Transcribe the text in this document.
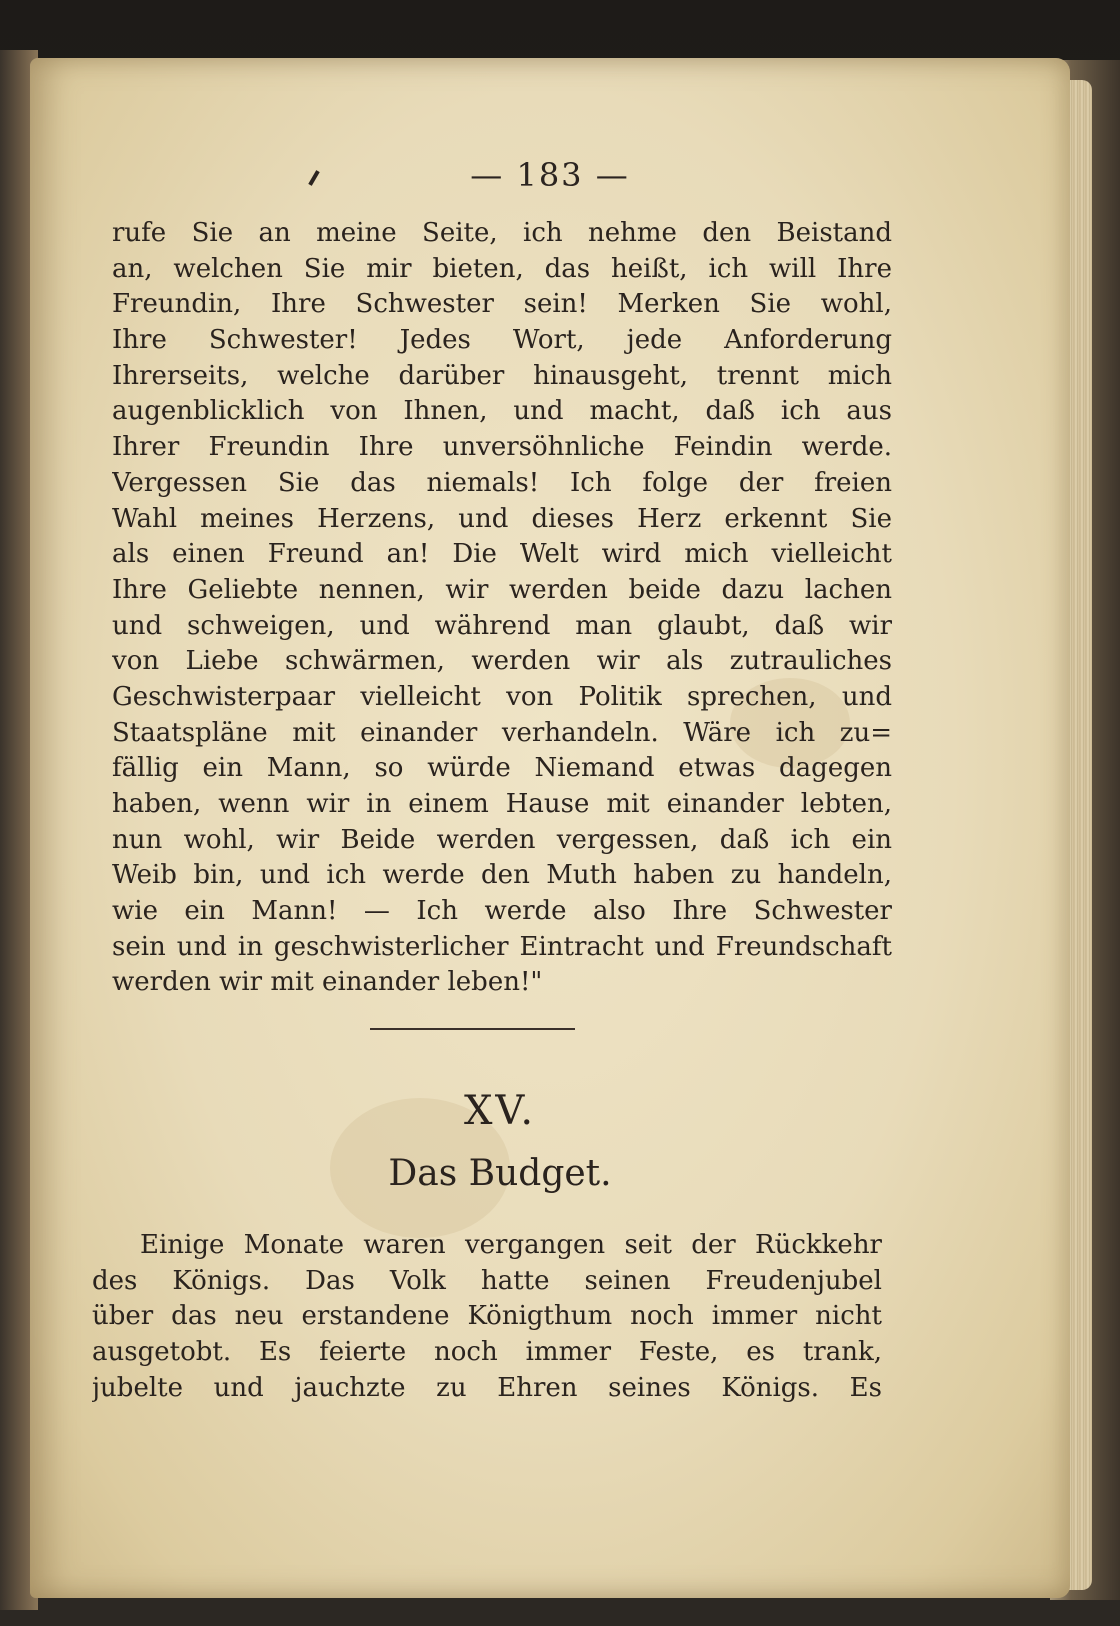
— 183 —
rufe Sie an meine Seite, ich nehme den Beistand
an, welchen Sie mir bieten, das heißt, ich will Ihre
Freundin, Ihre Schwester sein! Merken Sie wohl,
Ihre Schwester! Jedes Wort, jede Anforderung
Ihrerseits, welche darüber hinausgeht, trennt mich
augenblicklich von Ihnen, und macht, daß ich aus
Ihrer Freundin Ihre unversöhnliche Feindin werde.
Vergessen Sie das niemals! Ich folge der freien
Wahl meines Herzens, und dieses Herz erkennt Sie
als einen Freund an! Die Welt wird mich vielleicht
Ihre Geliebte nennen, wir werden beide dazu lachen
und schweigen, und während man glaubt, daß wir
von Liebe schwärmen, werden wir als zutrauliches
Geschwisterpaar vielleicht von Politik sprechen, und
Staatspläne mit einander verhandeln. Wäre ich zu=
fällig ein Mann, so würde Niemand etwas dagegen
haben, wenn wir in einem Hause mit einander lebten,
nun wohl, wir Beide werden vergessen, daß ich ein
Weib bin, und ich werde den Muth haben zu handeln,
wie ein Mann! — Ich werde also Ihre Schwester
sein und in geschwisterlicher Eintracht und Freundschaft
werden wir mit einander leben!"
XV.
Das Budget.
Einige Monate waren vergangen seit der Rückkehr
des Königs. Das Volk hatte seinen Freudenjubel
über das neu erstandene Königthum noch immer nicht
ausgetobt. Es feierte noch immer Feste, es trank,
jubelte und jauchzte zu Ehren seines Königs. Es
